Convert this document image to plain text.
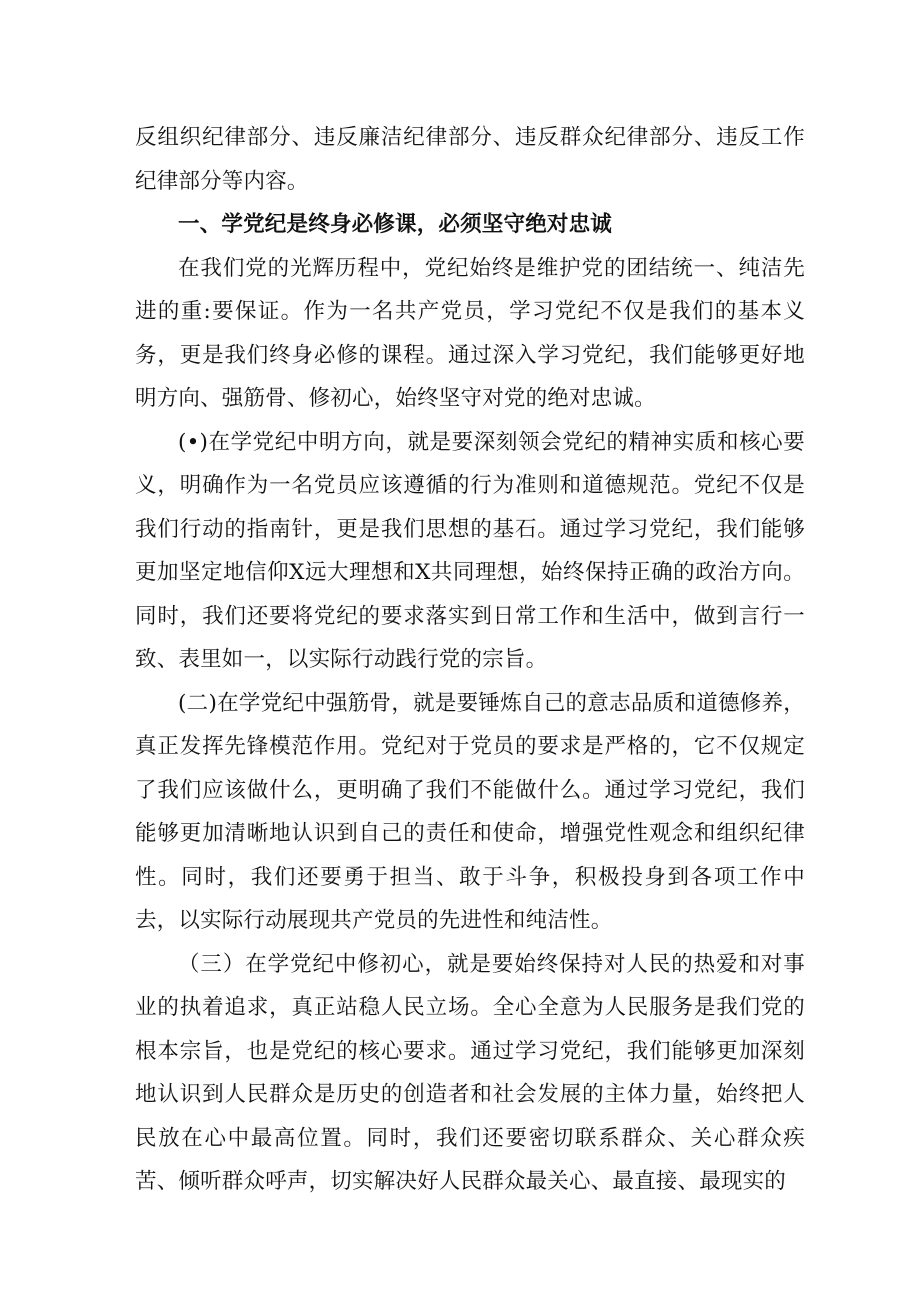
反组织纪律部分、违反廉洁纪律部分、违反群众纪律部分、违反工作纪律部分等内容。

一、学党纪是终身必修课，必须坚守绝对忠诚

在我们党的光辉历程中，党纪始终是维护党的团结统一、纯洁先进的重:要保证。作为一名共产党员，学习党纪不仅是我们的基本义务，更是我们终身必修的课程。通过深入学习党纪，我们能够更好地明方向、强筋骨、修初心，始终坚守对党的绝对忠诚。

(•)在学党纪中明方向，就是要深刻领会党纪的精神实质和核心要义，明确作为一名党员应该遵循的行为准则和道德规范。党纪不仅是我们行动的指南针，更是我们思想的基石。通过学习党纪，我们能够更加坚定地信仰X远大理想和X共同理想，始终保持正确的政治方向。同时，我们还要将党纪的要求落实到日常工作和生活中，做到言行一致、表里如一，以实际行动践行党的宗旨。

(二)在学党纪中强筋骨，就是要锤炼自己的意志品质和道德修养，真正发挥先锋模范作用。党纪对于党员的要求是严格的，它不仅规定了我们应该做什么，更明确了我们不能做什么。通过学习党纪，我们能够更加清晰地认识到自己的责任和使命，增强党性观念和组织纪律性。同时，我们还要勇于担当、敢于斗争，积极投身到各项工作中去，以实际行动展现共产党员的先进性和纯洁性。

（三）在学党纪中修初心，就是要始终保持对人民的热爱和对事业的执着追求，真正站稳人民立场。全心全意为人民服务是我们党的根本宗旨，也是党纪的核心要求。通过学习党纪，我们能够更加深刻地认识到人民群众是历史的创造者和社会发展的主体力量，始终把人民放在心中最高位置。同时，我们还要密切联系群众、关心群众疾苦、倾听群众呼声，切实解决好人民群众最关心、最直接、最现实的
